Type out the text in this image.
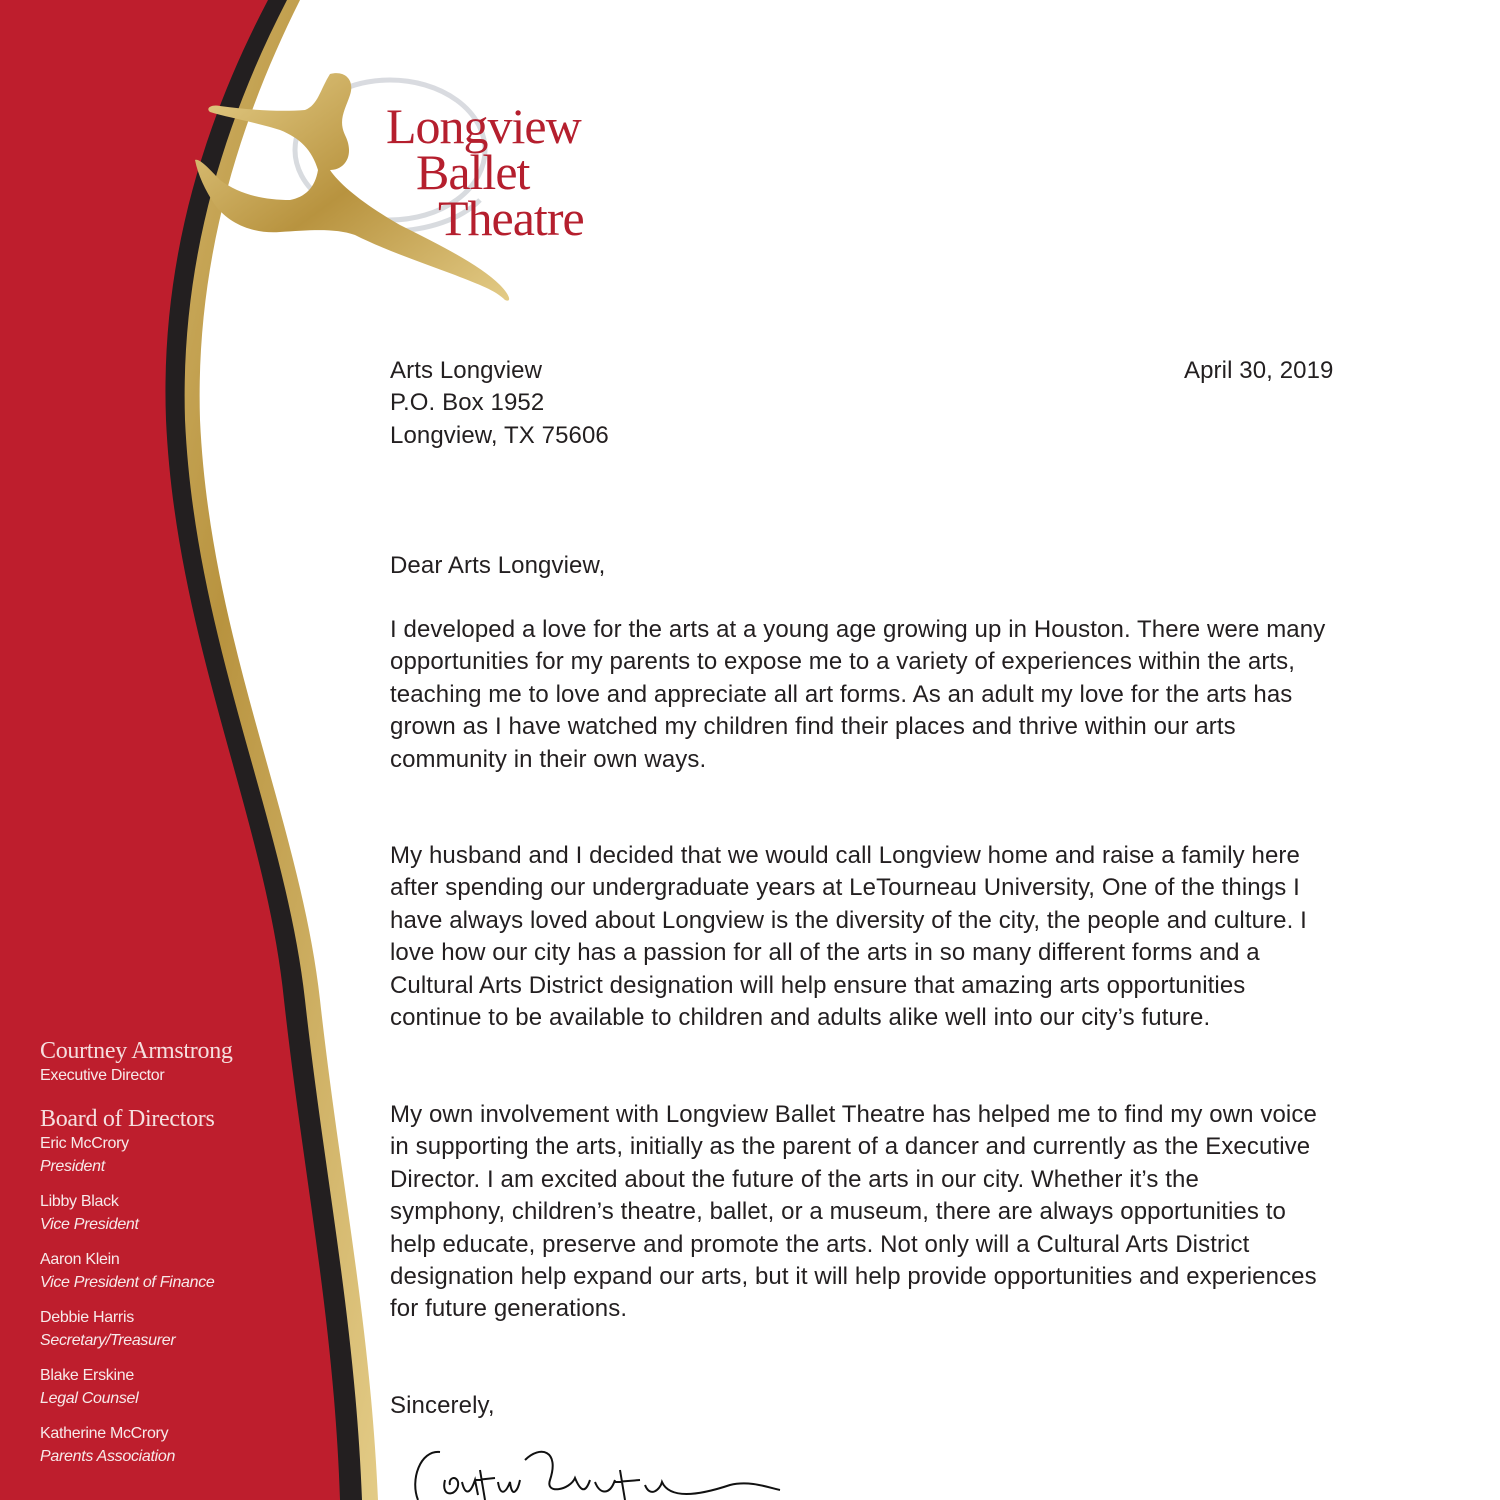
Longview
Ballet
Theatre
Arts Longview
P.O. Box 1952
Longview, TX 75606
April 30, 2019
Dear Arts Longview,
I developed a love for the arts at a young age growing up in Houston. There were many
opportunities for my parents to expose me to a variety of experiences within the arts,
teaching me to love and appreciate all art forms. As an adult my love for the arts has
grown as I have watched my children find their places and thrive within our arts
community in their own ways.
My husband and I decided that we would call Longview home and raise a family here
after spending our undergraduate years at LeTourneau University, One of the things I
have always loved about Longview is the diversity of the city, the people and culture. I
love how our city has a passion for all of the arts in so many different forms and a
Cultural Arts District designation will help ensure that amazing arts opportunities
continue to be available to children and adults alike well into our city’s future.
My own involvement with Longview Ballet Theatre has helped me to find my own voice
in supporting the arts, initially as the parent of a dancer and currently as the Executive
Director. I am excited about the future of the arts in our city. Whether it’s the
symphony, children’s theatre, ballet, or a museum, there are always opportunities to
help educate, preserve and promote the arts. Not only will a Cultural Arts District
designation help expand our arts, but it will help provide opportunities and experiences
for future generations.
Sincerely,
Courtney Armstrong
Executive Director
Board of Directors
Eric McCrory
President
Libby Black
Vice President
Aaron Klein
Vice President of Finance
Debbie Harris
Secretary/Treasurer
Blake Erskine
Legal Counsel
Katherine McCrory
Parents Association
